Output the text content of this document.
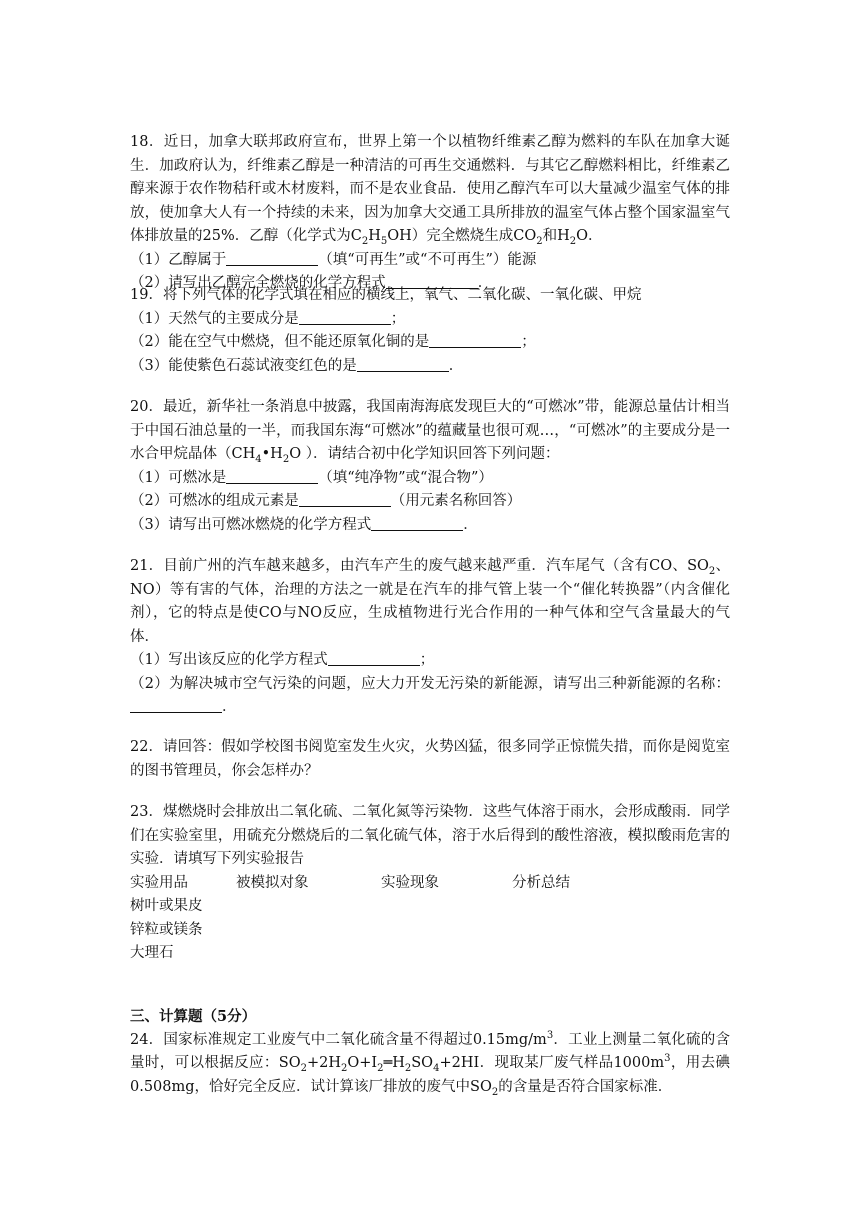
18．近日，加拿大联邦政府宣布，世界上第一个以植物纤维素乙醇为燃料的车队在加拿大诞生．加政府认为，纤维素乙醇是一种清洁的可再生交通燃料．与其它乙醇燃料相比，纤维素乙醇来源于农作物秸秆或木材废料，而不是农业食品．使用乙醇汽车可以大量减少温室气体的排放，使加拿大人有一个持续的未来，因为加拿大交通工具所排放的温室气体占整个国家温室气体排放量的25%．乙醇（化学式为$C_2H_5OH$）完全燃烧生成$CO_2$和$H_2O$．

（1）乙醇属于	（填“可再生”或“不可再生”）能源

（2）请写出乙醇完全燃烧的化学方程式	．

19．将下列气体的化学式填在相应的横线上，氧气、二氧化碳、一氧化碳、甲烷

（1）天然气的主要成分是	；

（2）能在空气中燃烧，但不能还原氧化铜的是	；

（3）能使紫色石蕊试液变红色的是	．

20．最近，新华社一条消息中披露，我国南海海底发现巨大的“可燃冰”带，能源总量估计相当于中国石油总量的一半，而我国东海“可燃冰”的蕴藏量也很可观…，“可燃冰”的主要成分是一水合甲烷晶体（$CH_4•H_2O$ ）．请结合初中化学知识回答下列问题：

（1）可燃冰是	（填“纯净物”或“混合物”）

（2）可燃冰的组成元素是	（用元素名称回答）

（3）请写出可燃冰燃烧的化学方程式	．

21．目前广州的汽车越来越多，由汽车产生的废气越来越严重．汽车尾气（含有CO、$SO_2$、NO）等有害的气体，治理的方法之一就是在汽车的排气管上装一个“催化转换器”（内含催化剂），它的特点是使CO与NO反应，生成植物进行光合作用的一种气体和空气含量最大的气体．

（1）写出该反应的化学方程式	；

（2）为解决城市空气污染的问题，应大力开发无污染的新能源，请写出三种新能源的名称：．

22．请回答：假如学校图书阅览室发生火灾，火势凶猛，很多同学正惊慌失措，而你是阅览室的图书管理员，你会怎样办？

23．煤燃烧时会排放出二氧化硫、二氧化氮等污染物．这些气体溶于雨水，会形成酸雨．同学们在实验室里，用硫充分燃烧后的二氧化硫气体，溶于水后得到的酸性溶液，模拟酸雨危害的实验．请填写下列实验报告

实验用品	被模拟对象	实验现象	分析总结
树叶或果皮			
锌粒或镁条			
大理石			

三、计算题（5分）

24．国家标准规定工业废气中二氧化硫含量不得超过$0.15mg/m^3$．工业上测量二氧化硫的含量时，可以根据反应：$SO_2+2H_2O+I_2═H_2SO_4+2HI$．现取某厂废气样品$1000m^3$，用去碘0.508mg，恰好完全反应．试计算该厂排放的废气中$SO_2$的含量是否符合国家标准．
